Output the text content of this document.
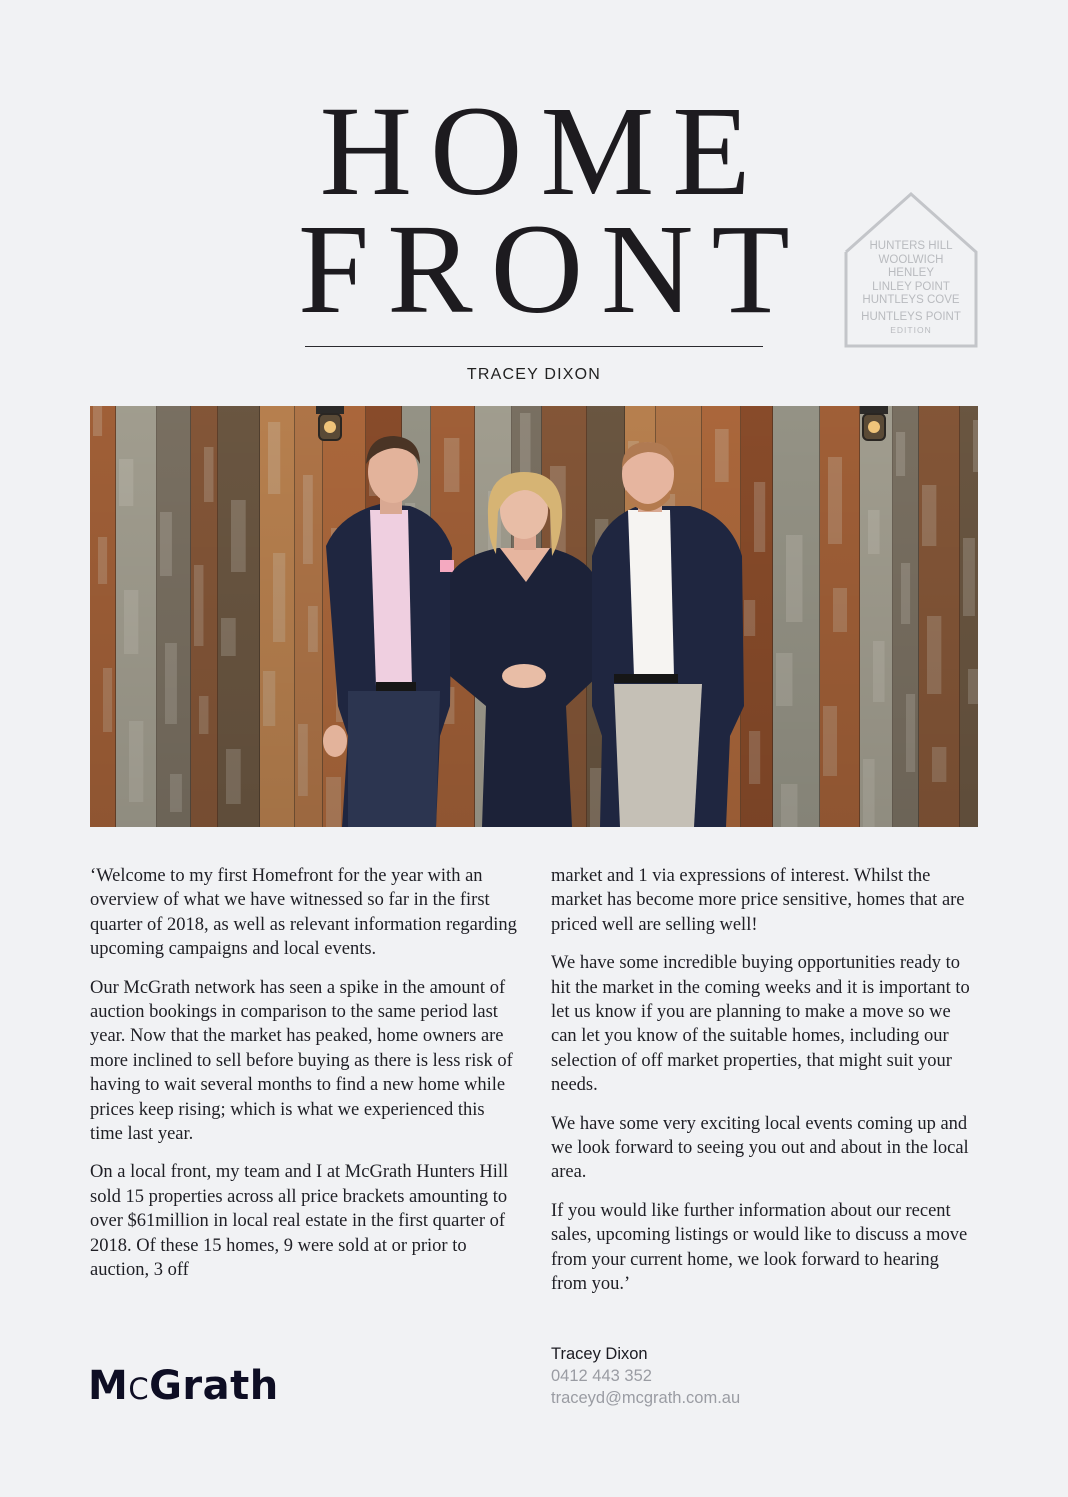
HOME
FRONT
TRACEY DIXON
HUNTERS HILL
WOOLWICH
HENLEY
LINLEY POINT
HUNTLEYS COVE
HUNTLEYS POINT
EDITION

‘Welcome to my first Homefront for the year with an overview of what we have witnessed so far in the first quarter of 2018, as well as relevant information regarding upcoming campaigns and local events.

Our McGrath network has seen a spike in the amount of auction bookings in comparison to the same period last year. Now that the market has peaked, home owners are more inclined to sell before buying as there is less risk of having to wait several months to find a new home while prices keep rising; which is what we experienced this time last year.

On a local front, my team and I at McGrath Hunters Hill sold 15 properties across all price brackets amounting to over $61million in local real estate in the first quarter of 2018. Of these 15 homes, 9 were sold at or prior to auction, 3 off

market and 1 via expressions of interest. Whilst the market has become more price sensitive, homes that are priced well are selling well!

We have some incredible buying opportunities ready to hit the market in the coming weeks and it is important to let us know if you are planning to make a move so we can let you know of the suitable homes, including our selection of off market properties, that might suit your needs.

We have some very exciting local events coming up and we look forward to seeing you out and about in the local area.

If you would like further information about our recent sales, upcoming listings or would like to discuss a move from your current home, we look forward to hearing from you.’

MCGrath
Tracey Dixon
0412 443 352
traceyd@mcgrath.com.au
